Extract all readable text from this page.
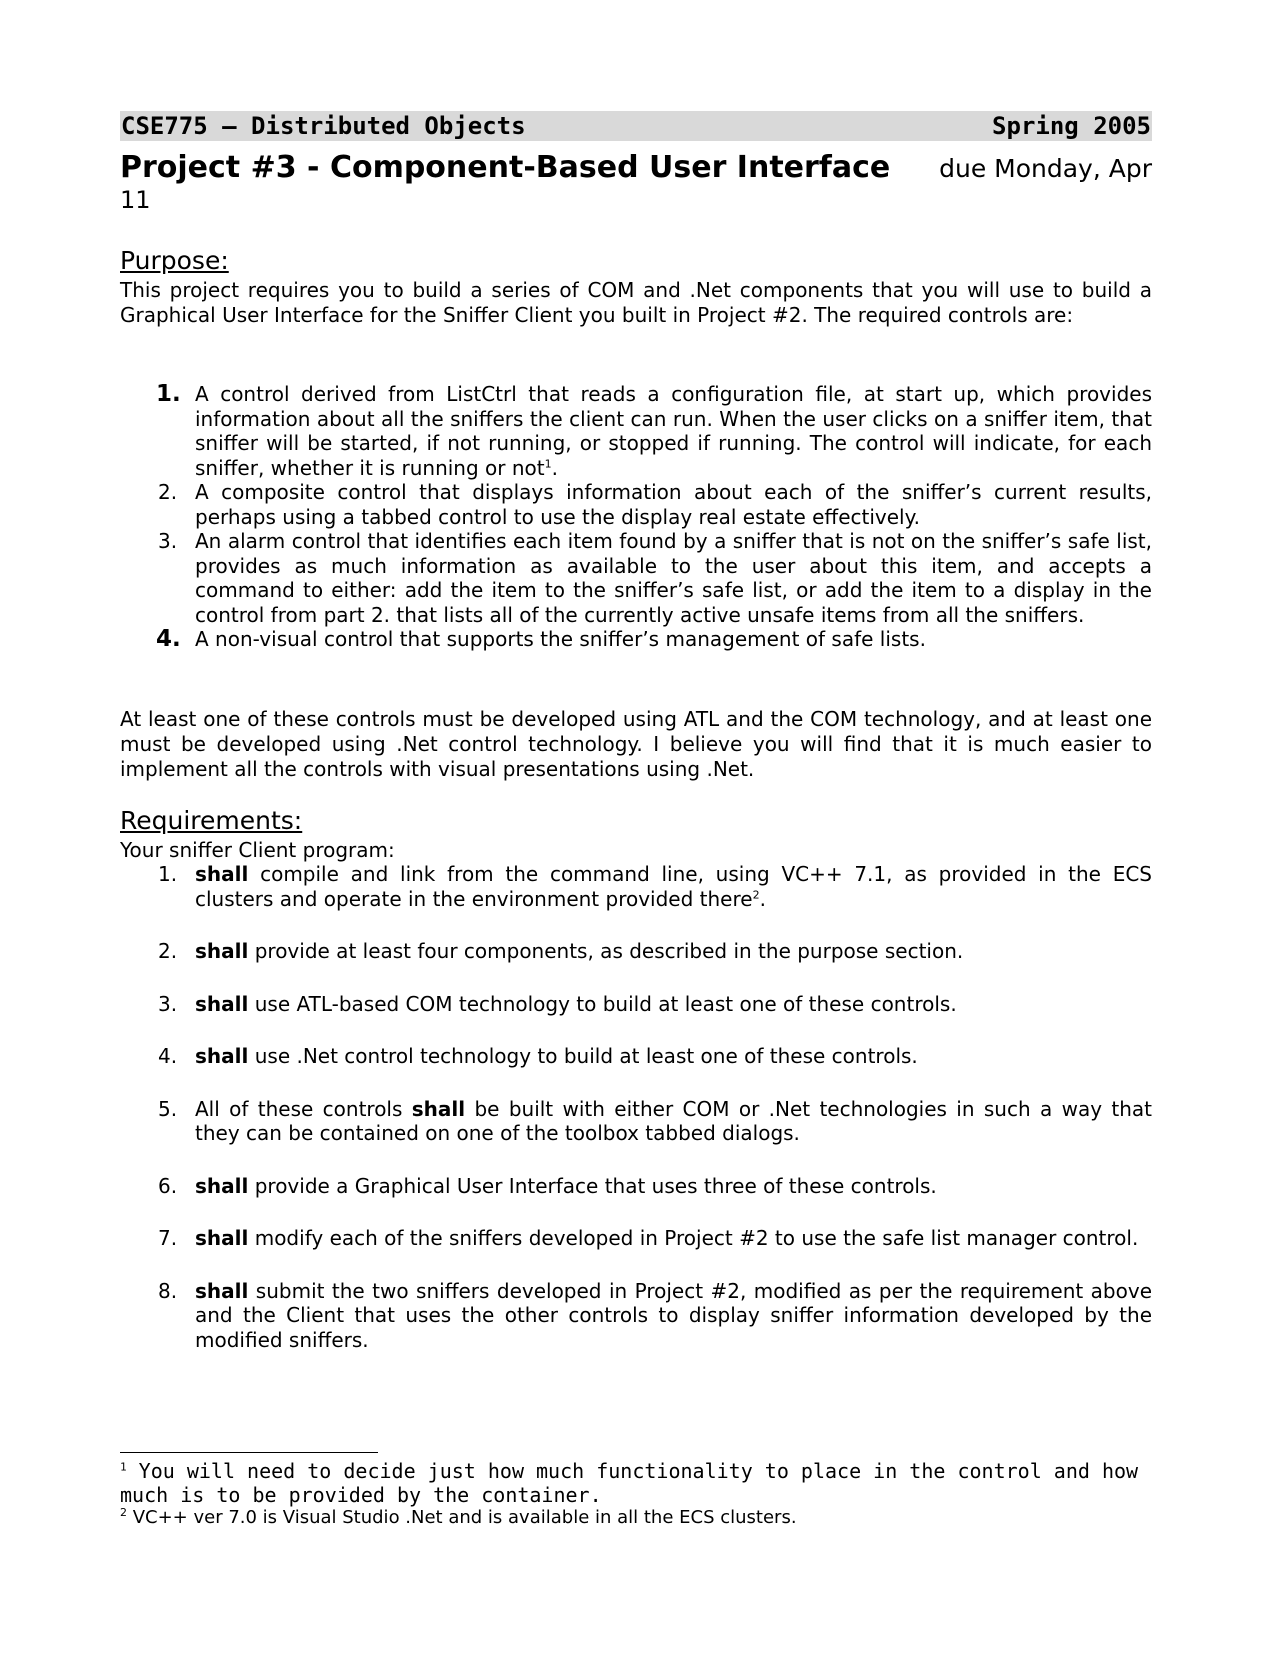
CSE775 – Distributed Objects	Spring 2005
Project #3 - Component-Based User Interface due Monday, Apr
11
Purpose:

This project requires you to build a series of COM and .Net components that you will use to build a Graphical User Interface for the Sniffer Client you built in Project #2. The required controls are:

1. A control derived from ListCtrl that reads a configuration file, at start up, which provides information about all the sniffers the client can run. When the user clicks on a sniffer item, that sniffer will be started, if not running, or stopped if running. The control will indicate, for each sniffer, whether it is running or not$^1$.
2. A composite control that displays information about each of the sniffer’s current results, perhaps using a tabbed control to use the display real estate effectively.
3. An alarm control that identifies each item found by a sniffer that is not on the sniffer’s safe list, provides as much information as available to the user about this item, and accepts a command to either: add the item to the sniffer’s safe list, or add the item to a display in the control from part 2. that lists all of the currently active unsafe items from all the sniffers.
4. A non-visual control that supports the sniffer’s management of safe lists.

At least one of these controls must be developed using ATL and the COM technology, and at least one must be developed using .Net control technology. I believe you will find that it is much easier to implement all the controls with visual presentations using .Net.

Requirements:

Your sniffer Client program:

1. shall compile and link from the command line, using VC++ 7.1, as provided in the ECS clusters and operate in the environment provided there$^2$.
2. shall provide at least four components, as described in the purpose section.
3. shall use ATL-based COM technology to build at least one of these controls.
4. shall use .Net control technology to build at least one of these controls.
5. All of these controls shall be built with either COM or .Net technologies in such a way that they can be contained on one of the toolbox tabbed dialogs.
6. shall provide a Graphical User Interface that uses three of these controls.
7. shall modify each of the sniffers developed in Project #2 to use the safe list manager control.
8. shall submit the two sniffers developed in Project #2, modified as per the requirement above and the Client that uses the other controls to display sniffer information developed by the modified sniffers.
$^1$ You will need to decide just how much functionality to place in the control and how much is to be provided by the container.
$^2$ VC++ ver 7.0 is Visual Studio .Net and is available in all the ECS clusters.
